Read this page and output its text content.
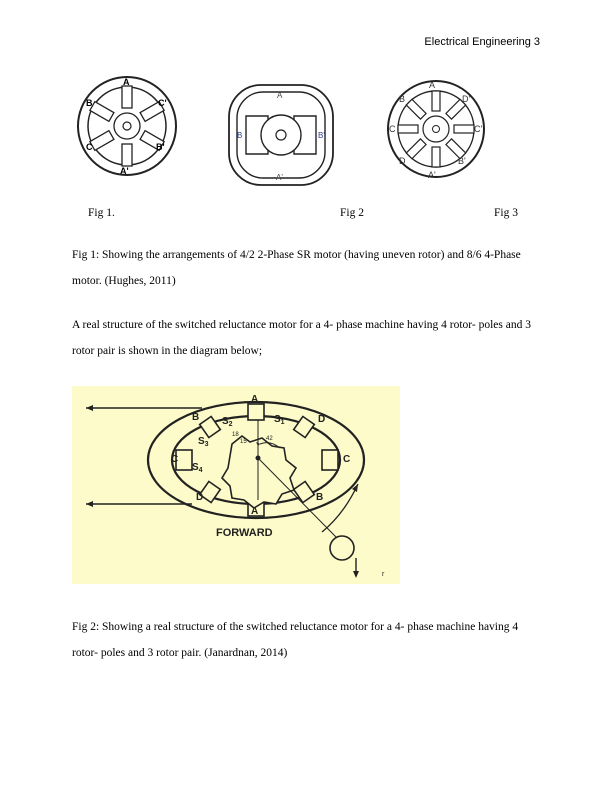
Electrical Engineering 3
A
B	C'
C	B'
A'
A
B	B'
A'
A
B	D'
C	C'
D	B'
A'
Fig 1.	Fig 2	Fig 3

Fig 1: Showing the arrangements of 4/2 2-Phase SR motor (having uneven rotor) and 8/6 4-Phase motor. (Hughes, 2011)

A real structure of the switched reluctance motor for a 4- phase machine having 4 rotor- poles and 3 rotor pair is shown in the diagram below;

A
B $S_2$	$S_1$	D
$S_3$
C	C
$S_4$
D	B
A
18
42
15
FORWARD
r

Fig 2: Showing a real structure of the switched reluctance motor for a 4- phase machine having 4 rotor- poles and 3 rotor pair. (Janardnan, 2014)
